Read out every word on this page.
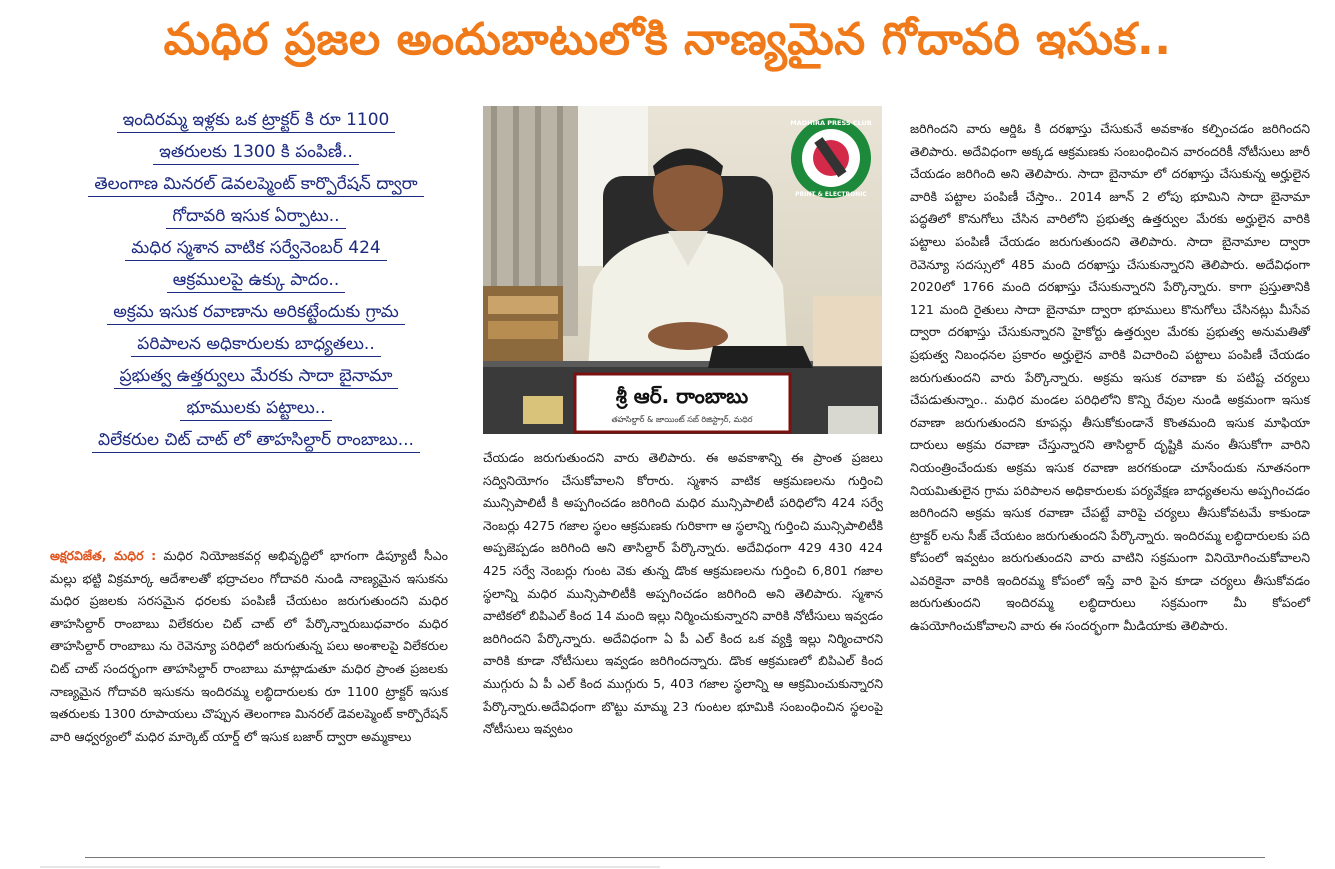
మధిర ప్రజల అందుబాటులోకి నాణ్యమైన గోదావరి ఇసుక..
ఇందిరమ్మ ఇళ్లకు ఒక ట్రాక్టర్ కి రూ 1100
ఇతరులకు 1300 కి పంపిణీ..
తెలంగాణ మినరల్ డెవలప్మెంట్ కార్పొరేషన్ ద్వారా
గోదావరి ఇసుక ఏర్పాటు..
మధిర స్మశాన వాటిక సర్వేనెంబర్ 424
ఆక్రములపై ఉక్కు పాదం..
అక్రమ ఇసుక రవాణాను అరికట్టేందుకు గ్రామ
పరిపాలన అధికారులకు బాధ్యతలు..
ప్రభుత్వ ఉత్తర్వులు మేరకు సాదా బైనామా
భూములకు పట్టాలు..
విలేకరుల చిట్ చాట్ లో తాహసిల్దార్ రాంబాబు...
శ్రీ ఆర్. రాంబాబు
తహసిల్దార్ & జాయింట్ సబ్ రిజిస్ట్రార్, మధిర
MADHIRA PRESS CLUB
PRINT & ELECTRONIC
అక్షరవిజేత, మధిర : మధిర నియోజకవర్గ అభివృద్ధిలో భాగంగా డిప్యూటీ సీఎం మల్లు భట్టి విక్రమార్క ఆదేశాలతో భద్రాచలం గోదావరి నుండి నాణ్యమైన ఇసుకను మధిర ప్రజలకు సరసమైన ధరలకు పంపిణీ చేయటం జరుగుతుందని మధిర తాహసిల్దార్ రాంబాబు విలేకరుల చిట్ చాట్ లో పేర్కొన్నారుబుధవారం మధిర తాహసిల్దార్ రాంబాబు ను రెవెన్యూ పరిధిలో జరుగుతున్న పలు అంశాలపై విలేకరుల చిట్ చాట్ సందర్భంగా తాహసిల్దార్ రాంబాబు మాట్లాడుతూ మధిర ప్రాంత ప్రజలకు నాణ్యమైన గోదావరి ఇసుకను ఇందిరమ్మ లబ్ధిదారులకు రూ 1100 ట్రాక్టర్ ఇసుక ఇతరులకు 1300 రూపాయలు చొప్పున తెలంగాణ మినరల్ డెవలప్మెంట్ కార్పొరేషన్ వారి ఆధ్వర్యంలో మధిర మార్కెట్ యార్డ్ లో ఇసుక బజార్ ద్వారా అమ్మకాలు
చేయడం జరుగుతుందని వారు తెలిపారు. ఈ అవకాశాన్ని ఈ ప్రాంత ప్రజలు సద్వినియోగం చేసుకోవాలని కోరారు. స్మశాన వాటిక ఆక్రమణలను గుర్తించి మున్సిపాలిటీ కి అప్పగించడం జరిగింది మధిర మున్సిపాలిటీ పరిధిలోని 424 సర్వే నెంబర్లు 4275 గజాల స్థలం ఆక్రమణకు గురికాగా ఆ స్థలాన్ని గుర్తించి మున్సిపాలిటీకి అప్పజెప్పడం జరిగింది అని తాసిల్దార్ పేర్కొన్నారు. అదేవిధంగా 429 430 424 425 సర్వే నెంబర్లు గుంట వెకు తున్న డొంక ఆక్రమణలను గుర్తించి 6,801 గజాల స్థలాన్ని మధిర మున్సిపాలిటీకి అప్పగించడం జరిగింది అని తెలిపారు. స్మశాన వాటికలో బిపిఎల్ కింద 14 మంది ఇల్లు నిర్మించుకున్నారని వారికి నోటీసులు ఇవ్వడం జరిగిందని పేర్కొన్నారు. అదేవిధంగా ఏ పీ ఎల్ కింద ఒక వ్యక్తి ఇల్లు నిర్మించారని వారికి కూడా నోటీసులు ఇవ్వడం జరిగిందన్నారు. డొంక ఆక్రమణలో బిపిఎల్ కింద ముగ్గురు ఏ పీ ఎల్ కింద ముగ్గురు 5, 403 గజాల స్థలాన్ని ఆ ఆక్రమించుకున్నారని పేర్కొన్నారు.అదేవిధంగా బొట్టు మామ్మ 23 గుంటల భూమికి సంబంధించిన స్థలంపై నోటీసులు ఇవ్వటం
జరిగిందని వారు ఆర్డిఓ కి దరఖాస్తు చేసుకునే అవకాశం కల్పించడం జరిగిందని తెలిపారు. అదేవిధంగా అక్కడ ఆక్రమణకు సంబంధించిన వారందరికీ నోటీసులు జారీ చేయడం జరిగింది అని తెలిపారు. సాదా బైనామా లో దరఖాస్తు చేసుకున్న అర్హులైన వారికి పట్టాల పంపిణీ చేస్తాం.. 2014 జూన్ 2 లోపు భూమిని సాదా బైనామా పద్ధతిలో కొనుగోలు చేసిన వారిలోని ప్రభుత్వ ఉత్తర్వుల మేరకు అర్హులైన వారికి పట్టాలు పంపిణీ చేయడం జరుగుతుందని తెలిపారు. సాదా బైనామాల ద్వారా రెవెన్యూ సదస్సులో 485 మంది దరఖాస్తు చేసుకున్నారని తెలిపారు. అదేవిధంగా 2020లో 1766 మంది దరఖాస్తు చేసుకున్నారని పేర్కొన్నారు. కాగా ప్రస్తుతానికి 121 మంది రైతులు సాదా బైనామా ద్వారా భూములు కొనుగోలు చేసినట్లు మీసేవ ద్వారా దరఖాస్తు చేసుకున్నారని హైకోర్టు ఉత్తర్వుల మేరకు ప్రభుత్వ అనుమతితో ప్రభుత్వ నిబంధనల ప్రకారం అర్హులైన వారికి విచారించి పట్టాలు పంపిణీ చేయడం జరుగుతుందని వారు పేర్కొన్నారు. అక్రమ ఇసుక రవాణా కు పటిష్ట చర్యలు చేపడుతున్నాం.. మధిర మండల పరిధిలోని కొన్ని రేవుల నుండి అక్రమంగా ఇసుక రవాణా జరుగుతుందని కూపన్లు తీసుకోకుండానే కొంతమంది ఇసుక మాఫియా దారులు అక్రమ రవాణా చేస్తున్నారని తాసిల్దార్ దృష్టికి మనం తీసుకోగా వారిని నియంత్రించేందుకు అక్రమ ఇసుక రవాణా జరగకుండా చూసేందుకు నూతనంగా నియమితులైన గ్రామ పరిపాలన అధికారులకు పర్యవేక్షణ బాధ్యతలను అప్పగించడం జరిగిందని అక్రమ ఇసుక రవాణా చేపట్టే వారిపై చర్యలు తీసుకోవటమే కాకుండా ట్రాక్టర్ లను సీజ్ చేయటం జరుగుతుందని పేర్కొన్నారు. ఇందిరమ్మ లబ్ధిదారులకు పది కోపంలో ఇవ్వటం జరుగుతుందని వారు వాటిని సక్రమంగా వినియోగించుకోవాలని ఎవరికైనా వారికి ఇందిరమ్మ కోపంలో ఇస్తే వారి పైన కూడా చర్యలు తీసుకోవడం జరుగుతుందని ఇందిరమ్మ లబ్ధిదారులు సక్రమంగా మీ కోపంలో ఉపయోగించుకోవాలని వారు ఈ సందర్భంగా మీడియాకు తెలిపారు.
